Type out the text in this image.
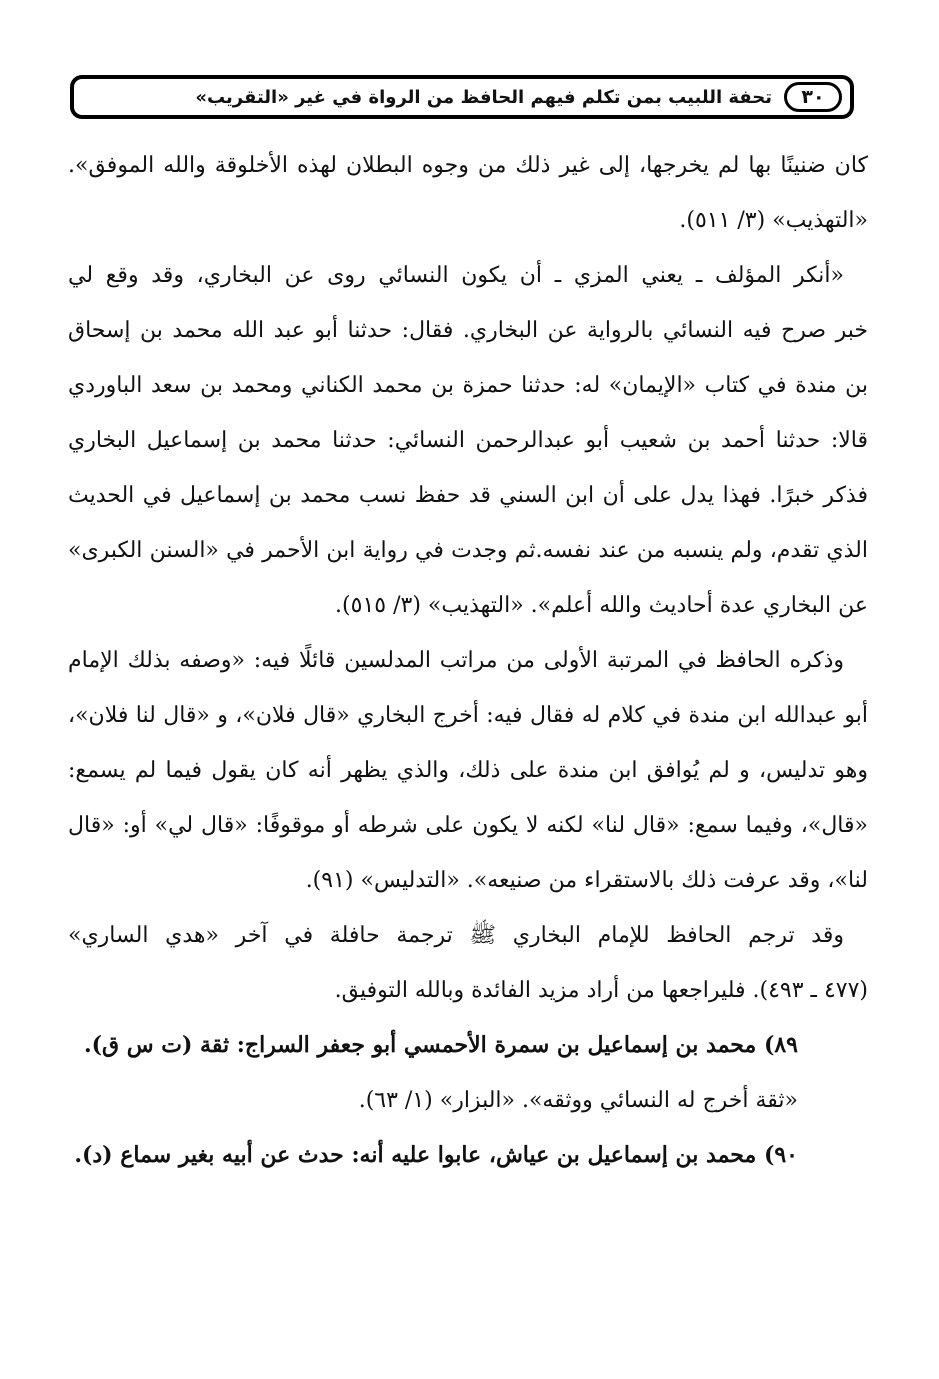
٣٠
تحفة اللبيب بمن تكلم فيهم الحافظ من الرواة في غير «التقريب»
كان ضنينًا بها لم يخرجها، إلى غير ذلك من وجوه البطلان لهذه الأخلوقة والله الموفق».
«التهذيب» (٣/ ٥١١).
«أنكر المؤلف ـ يعني المزي ـ أن يكون النسائي روى عن البخاري، وقد وقع لي
خبر صرح فيه النسائي بالرواية عن البخاري. فقال: حدثنا أبو عبد الله محمد بن إسحاق
بن مندة في كتاب «الإيمان» له: حدثنا حمزة بن محمد الكناني ومحمد بن سعد الباوردي
قالا: حدثنا أحمد بن شعيب أبو عبدالرحمن النسائي: حدثنا محمد بن إسماعيل البخاري
فذكر خبرًا. فهذا يدل على أن ابن السني قد حفظ نسب محمد بن إسماعيل في الحديث
الذي تقدم، ولم ينسبه من عند نفسه.ثم وجدت في رواية ابن الأحمر في «السنن الكبرى»
عن البخاري عدة أحاديث والله أعلم». «التهذيب» (٣/ ٥١٥).
وذكره الحافظ في المرتبة الأولى من مراتب المدلسين قائلًا فيه: «وصفه بذلك الإمام
أبو عبدالله ابن مندة في كلام له فقال فيه: أخرج البخاري «قال فلان»، و «قال لنا فلان»،
وهو تدليس، و لم يُوافق ابن مندة على ذلك، والذي يظهر أنه كان يقول فيما لم يسمع:
«قال»، وفيما سمع: «قال لنا» لكنه لا يكون على شرطه أو موقوفًا: «قال لي» أو: «قال
لنا»، وقد عرفت ذلك بالاستقراء من صنيعه». «التدليس» (٩١).
وقد ترجم الحافظ للإمام البخاري ﷺ ترجمة حافلة في آخر «هدي الساري»
(٤٧٧ ـ ٤٩٣). فليراجعها من أراد مزيد الفائدة وبالله التوفيق.
٨٩) محمد بن إسماعيل بن سمرة الأحمسي أبو جعفر السراج: ثقة (ت س ق).
«ثقة أخرج له النسائي ووثقه». «البزار» (١/ ٦٣).
٩٠) محمد بن إسماعيل بن عياش، عابوا عليه أنه: حدث عن أبيه بغير سماع (د).
